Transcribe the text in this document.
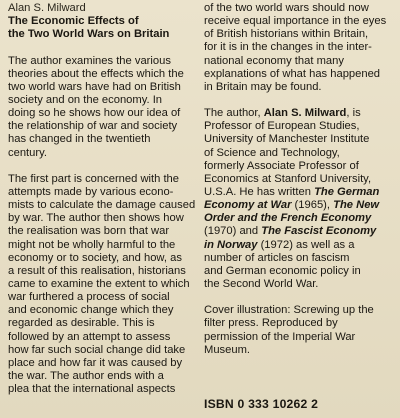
Alan S. Milward
The Economic Effects of
the Two World Wars on Britain
The author examines the various
theories about the effects which the
two world wars have had on British
society and on the economy. In
doing so he shows how our idea of
the relationship of war and society
has changed in the twentieth
century.
The first part is concerned with the
attempts made by various econo-
mists to calculate the damage caused
by war. The author then shows how
the realisation was born that war
might not be wholly harmful to the
economy or to society, and how, as
a result of this realisation, historians
came to examine the extent to which
war furthered a process of social
and economic change which they
regarded as desirable. This is
followed by an attempt to assess
how far such social change did take
place and how far it was caused by
the war. The author ends with a
plea that the international aspects
of the two world wars should now
receive equal importance in the eyes
of British historians within Britain,
for it is in the changes in the inter-
national economy that many
explanations of what has happened
in Britain may be found.
The author, Alan S. Milward, is
Professor of European Studies,
University of Manchester Institute
of Science and Technology,
formerly Associate Professor of
Economics at Stanford University,
U.S.A. He has written The German
Economy at War (1965), The New
Order and the French Economy
(1970) and The Fascist Economy
in Norway (1972) as well as a
number of articles on fascism
and German economic policy in
the Second World War.
Cover illustration: Screwing up the
filter press. Reproduced by
permission of the Imperial War
Museum.
ISBN 0 333 10262 2
